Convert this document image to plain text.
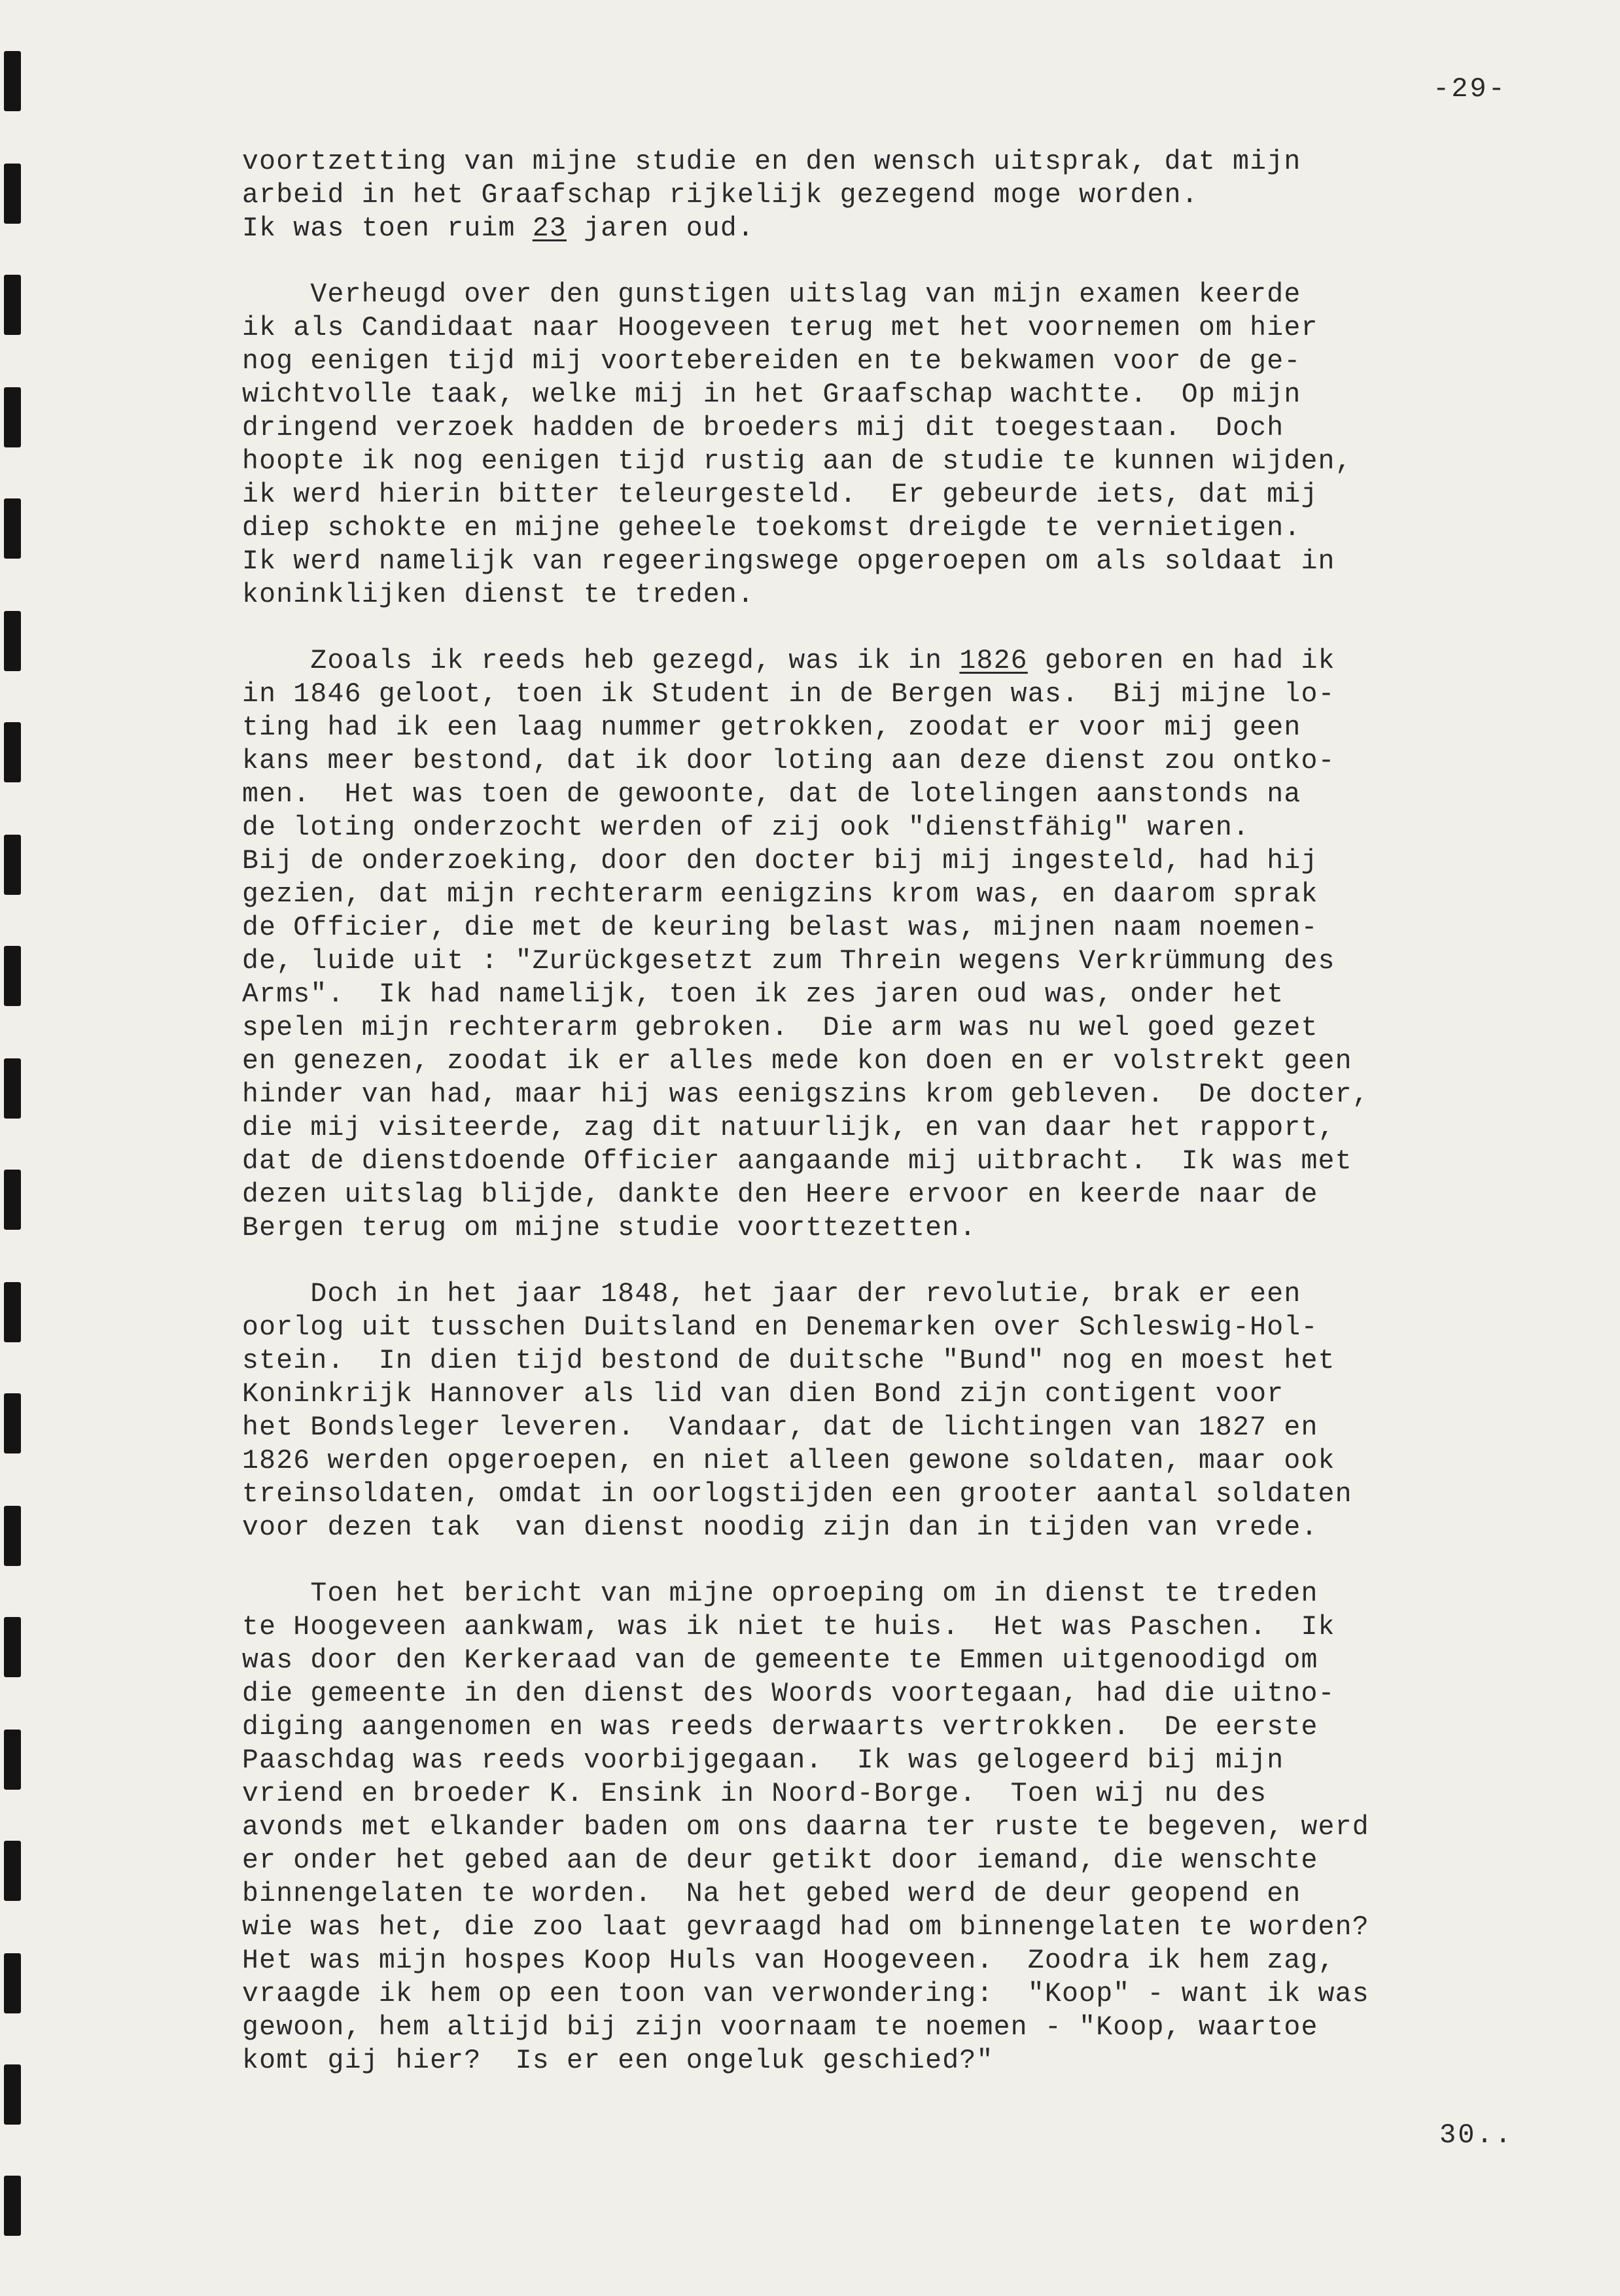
-29-
voortzetting van mijne studie en den wensch uitsprak, dat mijn
arbeid in het Graafschap rijkelijk gezegend moge worden.
Ik was toen ruim 23 jaren oud.
Verheugd over den gunstigen uitslag van mijn examen keerde
ik als Candidaat naar Hoogeveen terug met het voornemen om hier
nog eenigen tijd mij voortebereiden en te bekwamen voor de ge-
wichtvolle taak, welke mij in het Graafschap wachtte.  Op mijn
dringend verzoek hadden de broeders mij dit toegestaan.  Doch
hoopte ik nog eenigen tijd rustig aan de studie te kunnen wijden,
ik werd hierin bitter teleurgesteld.  Er gebeurde iets, dat mij
diep schokte en mijne geheele toekomst dreigde te vernietigen.
Ik werd namelijk van regeeringswege opgeroepen om als soldaat in
koninklijken dienst te treden.
Zooals ik reeds heb gezegd, was ik in 1826 geboren en had ik
in 1846 geloot, toen ik Student in de Bergen was.  Bij mijne lo-
ting had ik een laag nummer getrokken, zoodat er voor mij geen
kans meer bestond, dat ik door loting aan deze dienst zou ontko-
men.  Het was toen de gewoonte, dat de lotelingen aanstonds na
de loting onderzocht werden of zij ook "dienstfähig" waren.
Bij de onderzoeking, door den docter bij mij ingesteld, had hij
gezien, dat mijn rechterarm eenigzins krom was, en daarom sprak
de Officier, die met de keuring belast was, mijnen naam noemen-
de, luide uit : "Zurückgesetzt zum Threin wegens Verkrümmung des
Arms".  Ik had namelijk, toen ik zes jaren oud was, onder het
spelen mijn rechterarm gebroken.  Die arm was nu wel goed gezet
en genezen, zoodat ik er alles mede kon doen en er volstrekt geen
hinder van had, maar hij was eenigszins krom gebleven.  De docter,
die mij visiteerde, zag dit natuurlijk, en van daar het rapport,
dat de dienstdoende Officier aangaande mij uitbracht.  Ik was met
dezen uitslag blijde, dankte den Heere ervoor en keerde naar de
Bergen terug om mijne studie voorttezetten.
Doch in het jaar 1848, het jaar der revolutie, brak er een
oorlog uit tusschen Duitsland en Denemarken over Schleswig-Hol-
stein.  In dien tijd bestond de duitsche "Bund" nog en moest het
Koninkrijk Hannover als lid van dien Bond zijn contigent voor
het Bondsleger leveren.  Vandaar, dat de lichtingen van 1827 en
1826 werden opgeroepen, en niet alleen gewone soldaten, maar ook
treinsoldaten, omdat in oorlogstijden een grooter aantal soldaten
voor dezen tak  van dienst noodig zijn dan in tijden van vrede.
Toen het bericht van mijne oproeping om in dienst te treden
te Hoogeveen aankwam, was ik niet te huis.  Het was Paschen.  Ik
was door den Kerkeraad van de gemeente te Emmen uitgenoodigd om
die gemeente in den dienst des Woords voortegaan, had die uitno-
diging aangenomen en was reeds derwaarts vertrokken.  De eerste
Paaschdag was reeds voorbijgegaan.  Ik was gelogeerd bij mijn
vriend en broeder K. Ensink in Noord-Borge.  Toen wij nu des
avonds met elkander baden om ons daarna ter ruste te begeven, werd
er onder het gebed aan de deur getikt door iemand, die wenschte
binnengelaten te worden.  Na het gebed werd de deur geopend en
wie was het, die zoo laat gevraagd had om binnengelaten te worden?
Het was mijn hospes Koop Huls van Hoogeveen.  Zoodra ik hem zag,
vraagde ik hem op een toon van verwondering:  "Koop" - want ik was
gewoon, hem altijd bij zijn voornaam te noemen - "Koop, waartoe
komt gij hier?  Is er een ongeluk geschied?"
30..
